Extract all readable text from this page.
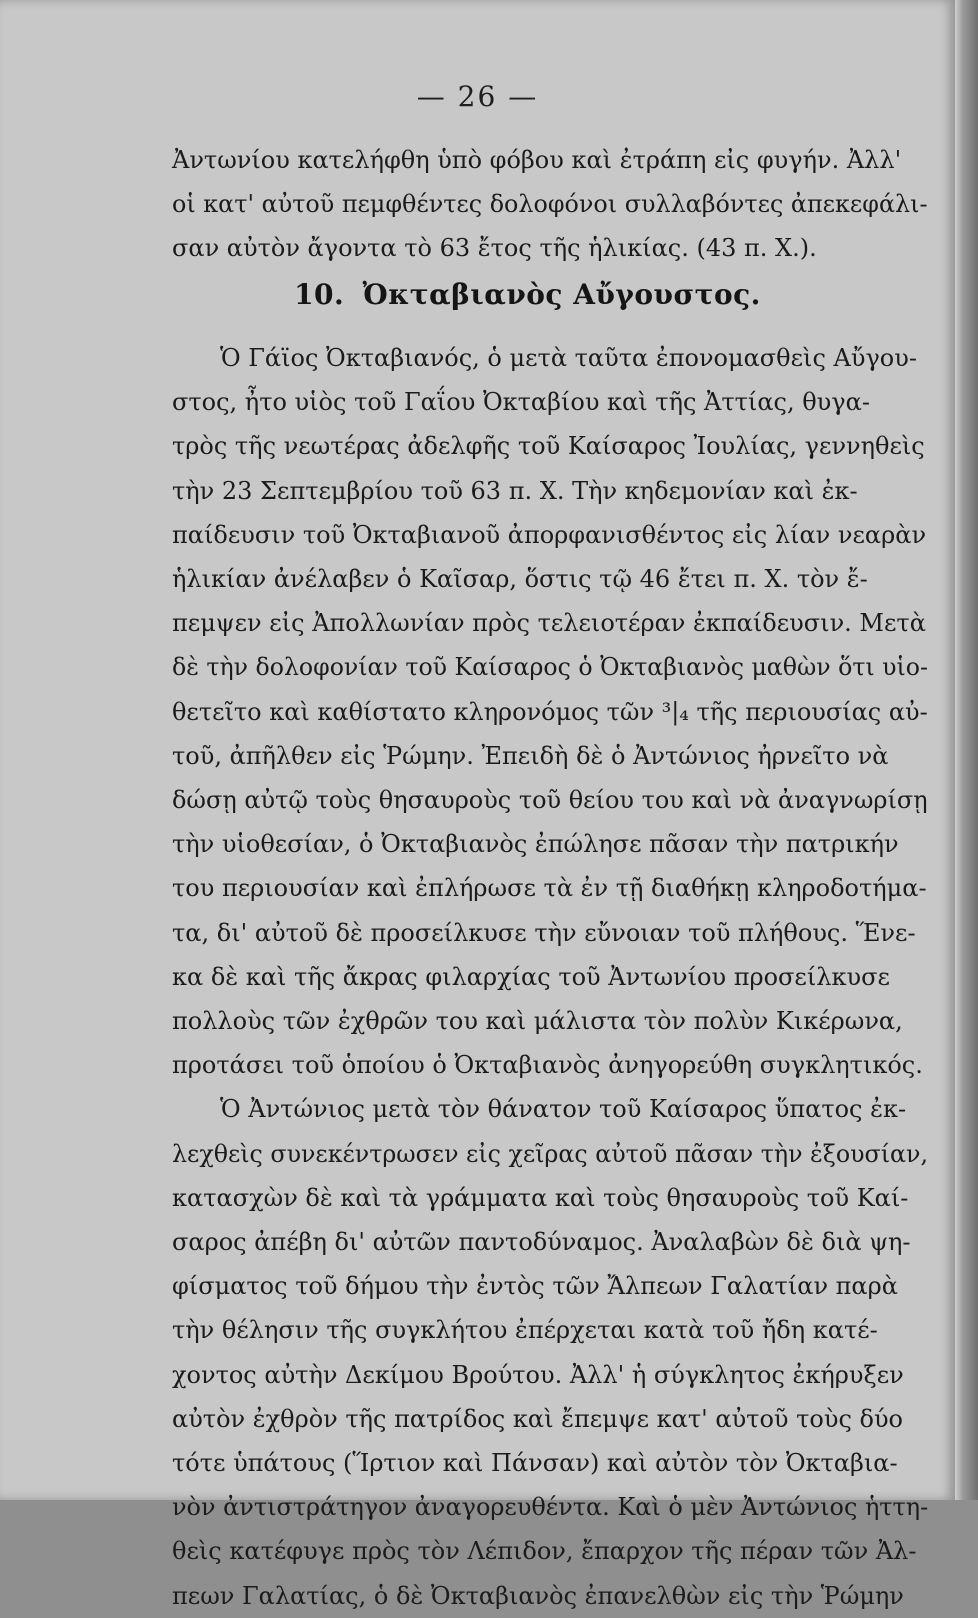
— 26 —
Ἀντωνίου κατελήφθη ὑπὸ φόβου καὶ ἐτράπη εἰς φυγήν. Ἀλλ'
οἱ κατ' αὐτοῦ πεμφθέντες δολοφόνοι συλλαβόντες ἀπεκεφάλι-
σαν αὐτὸν ἄγοντα τὸ 63 ἔτος τῆς ἡλικίας. (43 π. Χ.).
10. Ὀκταβιανὸς Αὔγουστος.
Ὁ Γάϊος Ὀκταβιανός, ὁ μετὰ ταῦτα ἐπονομασθεὶς Αὔγου-
στος, ἦτο υἱὸς τοῦ Γαΐου Ὀκταβίου καὶ τῆς Ἀττίας, θυγα-
τρὸς τῆς νεωτέρας ἀδελφῆς τοῦ Καίσαρος Ἰουλίας, γεννηθεὶς
τὴν 23 Σεπτεμβρίου τοῦ 63 π. Χ. Τὴν κηδεμονίαν καὶ ἐκ-
παίδευσιν τοῦ Ὀκταβιανοῦ ἀπορφανισθέντος εἰς λίαν νεαρὰν
ἡλικίαν ἀνέλαβεν ὁ Καῖσαρ, ὅστις τῷ 46 ἔτει π. Χ. τὸν ἔ-
πεμψεν εἰς Ἀπολλωνίαν πρὸς τελειοτέραν ἐκπαίδευσιν. Μετὰ
δὲ τὴν δολοφονίαν τοῦ Καίσαρος ὁ Ὀκταβιανὸς μαθὼν ὅτι υἱο-
θετεῖτο καὶ καθίστατο κληρονόμος τῶν ³|₄ τῆς περιουσίας αὐ-
τοῦ, ἀπῆλθεν εἰς Ῥώμην. Ἐπειδὴ δὲ ὁ Ἀντώνιος ἠρνεῖτο νὰ
δώσῃ αὐτῷ τοὺς θησαυροὺς τοῦ θείου του καὶ νὰ ἀναγνωρίσῃ
τὴν υἱοθεσίαν, ὁ Ὀκταβιανὸς ἐπώλησε πᾶσαν τὴν πατρικήν
του περιουσίαν καὶ ἐπλήρωσε τὰ ἐν τῇ διαθήκῃ κληροδοτήμα-
τα, δι' αὐτοῦ δὲ προσείλκυσε τὴν εὔνοιαν τοῦ πλήθους. Ἕνε-
κα δὲ καὶ τῆς ἄκρας φιλαρχίας τοῦ Ἀντωνίου προσείλκυσε
πολλοὺς τῶν ἐχθρῶν του καὶ μάλιστα τὸν πολὺν Κικέρωνα,
προτάσει τοῦ ὁποίου ὁ Ὀκταβιανὸς ἀνηγορεύθη συγκλητικός.
Ὁ Ἀντώνιος μετὰ τὸν θάνατον τοῦ Καίσαρος ὕπατος ἐκ-
λεχθεὶς συνεκέντρωσεν εἰς χεῖρας αὐτοῦ πᾶσαν τὴν ἐξουσίαν,
κατασχὼν δὲ καὶ τὰ γράμματα καὶ τοὺς θησαυροὺς τοῦ Καί-
σαρος ἀπέβη δι' αὐτῶν παντοδύναμος. Ἀναλαβὼν δὲ διὰ ψη-
φίσματος τοῦ δήμου τὴν ἐντὸς τῶν Ἄλπεων Γαλατίαν παρὰ
τὴν θέλησιν τῆς συγκλήτου ἐπέρχεται κατὰ τοῦ ἤδη κατέ-
χοντος αὐτὴν Δεκίμου Βρούτου. Ἀλλ' ἡ σύγκλητος ἐκήρυξεν
αὐτὸν ἐχθρὸν τῆς πατρίδος καὶ ἔπεμψε κατ' αὐτοῦ τοὺς δύο
τότε ὑπάτους (Ἵρτιον καὶ Πάνσαν) καὶ αὐτὸν τὸν Ὀκταβια-
νὸν ἀντιστράτηγον ἀναγορευθέντα. Καὶ ὁ μὲν Ἀντώνιος ἡττη-
θεὶς κατέφυγε πρὸς τὸν Λέπιδον, ἔπαρχον τῆς πέραν τῶν Ἀλ-
πεων Γαλατίας, ὁ δὲ Ὀκταβιανὸς ἐπανελθὼν εἰς τὴν Ῥώμην
